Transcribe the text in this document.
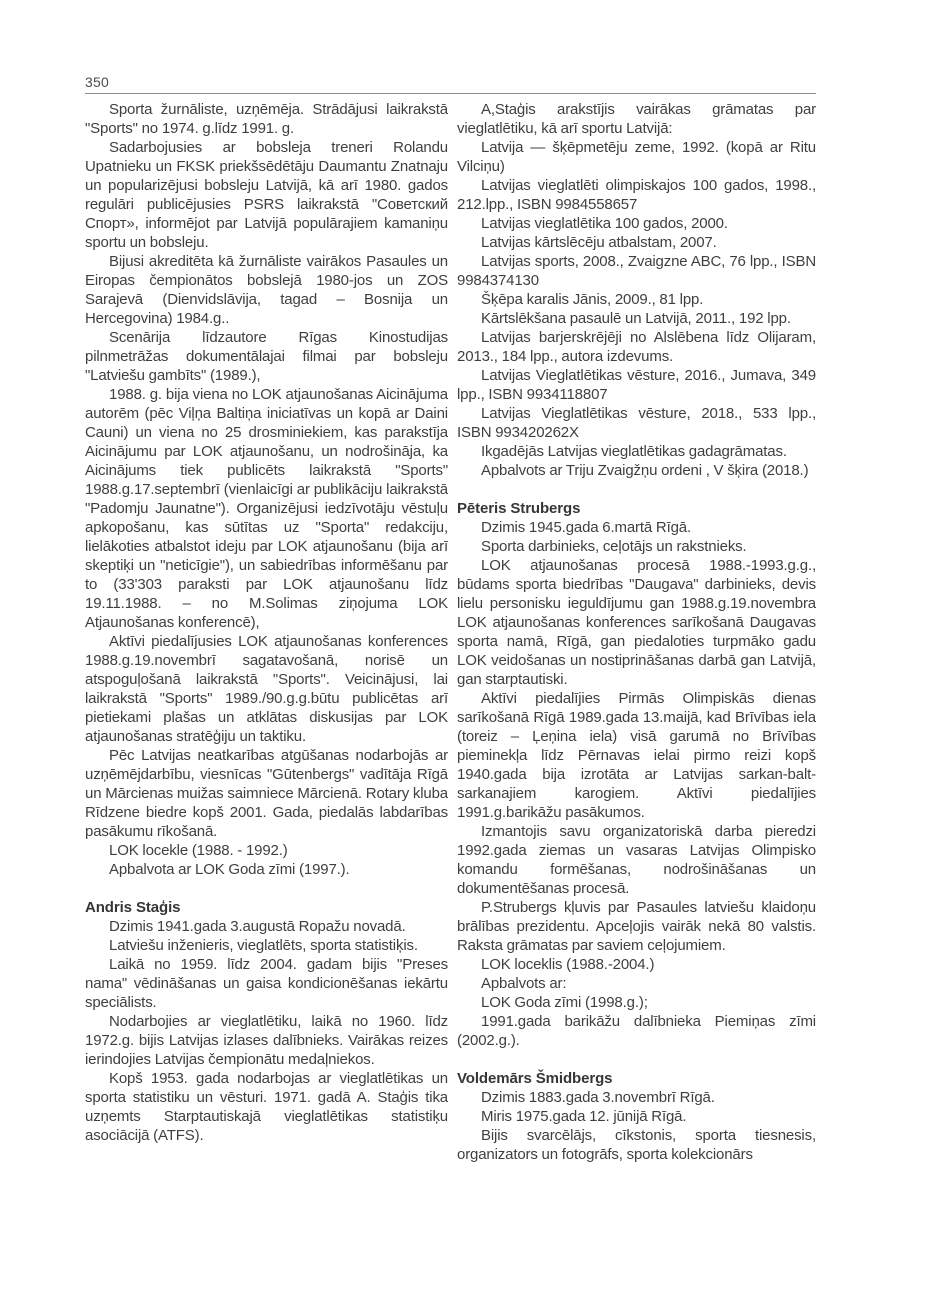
350

Sporta žurnāliste, uzņēmēja. Strādājusi laikrakstā "Sports" no 1974. g.līdz 1991. g.

Sadarbojusies ar bobsleja treneri Rolandu Upatnieku un FKSK priekšsēdētāju Daumantu Znatnaju un popularizējusi bobsleju Latvijā, kā arī 1980. gados regulāri publicējusies PSRS laikrakstā "Советский Спорт», informējot par Latvijā populārajiem kamaniņu sportu un bobsleju.

Bijusi akreditēta kā žurnāliste vairākos Pasaules un Eiropas čempionātos bobslejā 1980-jos un ZOS Sarajevā (Dienvidslāvija, tagad – Bosnija un Hercegovina) 1984.g..

Scenārija līdzautore Rīgas Kinostudijas pilnmetrāžas dokumentālajai filmai par bobsleju "Latviešu gambīts" (1989.),

1988. g. bija viena no LOK atjaunošanas Aicinājuma autorēm (pēc Viļņa Baltiņa iniciatīvas un kopā ar Daini Cauni) un viena no 25 drosminiekiem, kas parakstīja Aicinājumu par LOK atjaunošanu, un nodrošināja, ka Aicinājums tiek publicēts laikrakstā "Sports" 1988.g.17.septembrī (vienlaicīgi ar publikāciju laikrakstā "Padomju Jaunatne"). Organizējusi iedzīvotāju vēstuļu apkopošanu, kas sūtītas uz "Sporta" redakciju, lielākoties atbalstot ideju par LOK atjaunošanu (bija arī skeptiķi un "neticīgie"), un sabiedrības informēšanu par to (33'303 paraksti par LOK atjaunošanu līdz 19.11.1988. – no M.Solimas ziņojuma LOK Atjaunošanas konferencē),

Aktīvi piedalījusies LOK atjaunošanas konferences 1988.g.19.novembrī sagatavošanā, norisē un atspoguļošanā laikrakstā "Sports". Veicinājusi, lai laikrakstā "Sports" 1989./90.g.g.būtu publicētas arī pietiekami plašas un atklātas diskusijas par LOK atjaunošanas stratēģiju un taktiku.

Pēc Latvijas neatkarības atgūšanas nodarbojās ar uzņēmējdarbību, viesnīcas "Gūtenbergs" vadītāja Rīgā un Mārcienas muižas saimniece Mārcienā. Rotary kluba Rīdzene biedre kopš 2001. Gada, piedalās labdarības pasākumu rīkošanā.

LOK locekle (1988. - 1992.)

Apbalvota ar LOK Goda zīmi (1997.).

Andris Staģis

Dzimis 1941.gada 3.augustā Ropažu novadā.

Latviešu inženieris, vieglatlēts, sporta statistiķis.

Laikā no 1959. līdz 2004. gadam bijis "Preses nama" vēdināšanas un gaisa kondicionēšanas iekārtu speciālists.

Nodarbojies ar vieglatlētiku, laikā no 1960. līdz 1972.g. bijis Latvijas izlases dalībnieks. Vairākas reizes ierindojies Latvijas čempionātu medaļniekos.

Kopš 1953. gada nodarbojas ar vieglatlētikas un sporta statistiku un vēsturi. 1971. gadā A. Staģis tika uzņemts Starptautiskajā vieglatlētikas statistiķu asociācijā (ATFS).

A,Staģis arakstījis vairākas grāmatas par vieglatlētiku, kā arī sportu Latvijā:

Latvija — šķēpmetēju zeme, 1992. (kopā ar Ritu Vilciņu)

Latvijas vieglatlēti olimpiskajos 100 gados, 1998., 212.lpp., ISBN 9984558657

Latvijas vieglatlētika 100 gados, 2000.

Latvijas kārtslēcēju atbalstam, 2007.

Latvijas sports, 2008., Zvaigzne ABC, 76 lpp., ISBN 9984374130

Šķēpa karalis Jānis, 2009., 81 lpp.

Kārtslēkšana pasaulē un Latvijā, 2011., 192 lpp.

Latvijas barjerskrējēji no Alslēbena līdz Olijaram, 2013., 184 lpp., autora izdevums.

Latvijas Vieglatlētikas vēsture, 2016., Jumava, 349 lpp., ISBN 9934118807

Latvijas Vieglatlētikas vēsture, 2018., 533 lpp., ISBN 993420262X

Ikgadējās Latvijas vieglatlētikas gadagrāmatas.

Apbalvots ar Triju Zvaigžņu ordeni , V šķira (2018.)

Pēteris Strubergs

Dzimis 1945.gada 6.martā Rīgā.

Sporta darbinieks, ceļotājs un rakstnieks.

LOK atjaunošanas procesā 1988.-1993.g.g., būdams sporta biedrības "Daugava" darbinieks, devis lielu personisku ieguldījumu gan 1988.g.19.novembra LOK atjaunošanas konferences sarīkošanā Daugavas sporta namā, Rīgā, gan piedaloties turpmāko gadu LOK veidošanas un nostiprināšanas darbā gan Latvijā, gan starptautiski.

Aktīvi piedalījies Pirmās Olimpiskās dienas sarīkošanā Rīgā 1989.gada 13.maijā, kad Brīvības iela (toreiz – Ļeņina iela) visā garumā no Brīvības pieminekļa līdz Pērnavas ielai pirmo reizi kopš 1940.gada bija izrotāta ar Latvijas sarkan-balt-sarkanajiem karogiem. Aktīvi piedalījies 1991.g.barikāžu pasākumos.

Izmantojis savu organizatoriskā darba pieredzi 1992.gada ziemas un vasaras Latvijas Olimpisko komandu formēšanas, nodrošināšanas un dokumentēšanas procesā.

P.Strubergs kļuvis par Pasaules latviešu klaidoņu brālības prezidentu. Apceļojis vairāk nekā 80 valstis. Raksta grāmatas par saviem ceļojumiem.

LOK loceklis (1988.-2004.)

Apbalvots ar:

LOK Goda zīmi (1998.g.);

1991.gada barikāžu dalībnieka Piemiņas zīmi (2002.g.).

Voldemārs Šmidbergs

Dzimis 1883.gada 3.novembrī Rīgā.

Miris 1975.gada 12. jūnijā Rīgā.

Bijis svarcēlājs, cīkstonis, sporta tiesnesis, organizators un fotogrāfs, sporta kolekcionārs
